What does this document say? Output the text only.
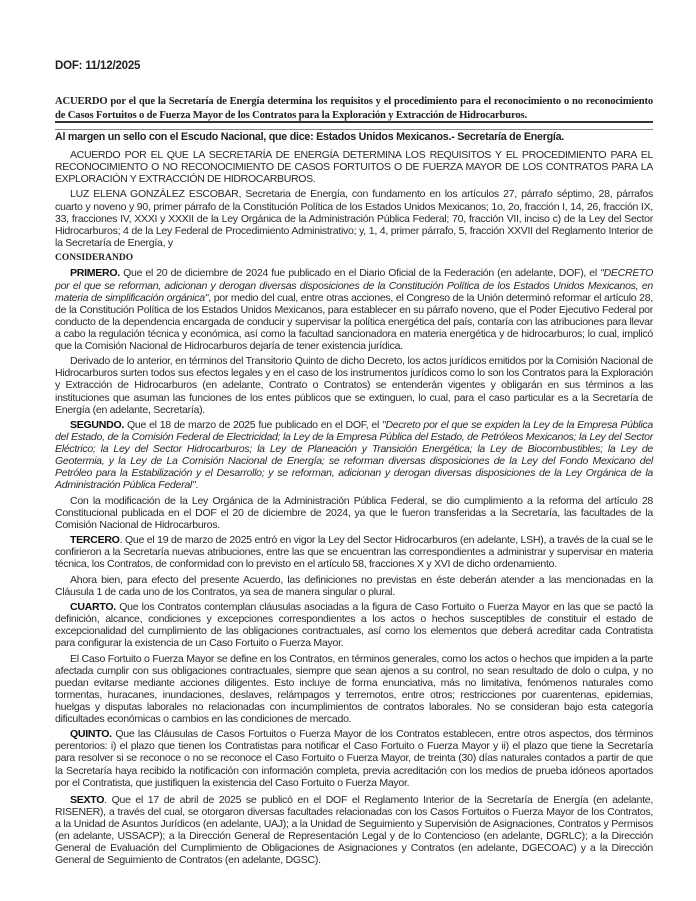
DOF: 11/12/2025
ACUERDO por el que la Secretaría de Energía determina los requisitos y el procedimiento para el reconocimiento o no reconocimiento
de Casos Fortuitos o de Fuerza Mayor de los Contratos para la Exploración y Extracción de Hidrocarburos.
Al margen un sello con el Escudo Nacional, que dice: Estados Unidos Mexicanos.- Secretaría de Energía.

ACUERDO POR EL QUE LA SECRETARÍA DE ENERGÍA DETERMINA LOS REQUISITOS Y EL PROCEDIMIENTO PARA EL RECONOCIMIENTO O NO RECONOCIMIENTO DE CASOS FORTUITOS O DE FUERZA MAYOR DE LOS CONTRATOS PARA LA EXPLORACIÓN Y EXTRACCIÓN DE HIDROCARBUROS.

LUZ ELENA GONZÁLEZ ESCOBAR, Secretaria de Energía, con fundamento en los artículos 27, párrafo séptimo, 28, párrafos cuarto y noveno y 90, primer párrafo de la Constitución Política de los Estados Unidos Mexicanos; 1o, 2o, fracción I, 14, 26, fracción IX, 33, fracciones IV, XXXI y XXXII de la Ley Orgánica de la Administración Pública Federal; 70, fracción VII, inciso c) de la Ley del Sector Hidrocarburos; 4 de la Ley Federal de Procedimiento Administrativo; y, 1, 4, primer párrafo, 5, fracción XXVII del Reglamento Interior de la Secretaría de Energía, y

CONSIDERANDO

PRIMERO. Que el 20 de diciembre de 2024 fue publicado en el Diario Oficial de la Federación (en adelante, DOF), el "DECRETO por el que se reforman, adicionan y derogan diversas disposiciones de la Constitución Política de los Estados Unidos Mexicanos, en materia de simplificación orgánica", por medio del cual, entre otras acciones, el Congreso de la Unión determinó reformar el artículo 28, de la Constitución Política de los Estados Unidos Mexicanos, para establecer en su párrafo noveno, que el Poder Ejecutivo Federal por conducto de la dependencia encargada de conducir y supervisar la política energética del país, contaría con las atribuciones para llevar a cabo la regulación técnica y económica, así como la facultad sancionadora en materia energética y de hidrocarburos; lo cual, implicó que la Comisión Nacional de Hidrocarburos dejaría de tener existencia jurídica.

Derivado de lo anterior, en términos del Transitorio Quinto de dicho Decreto, los actos jurídicos emitidos por la Comisión Nacional de Hidrocarburos surten todos sus efectos legales y en el caso de los instrumentos jurídicos como lo son los Contratos para la Exploración y Extracción de Hidrocarburos (en adelante, Contrato o Contratos) se entenderán vigentes y obligarán en sus términos a las instituciones que asuman las funciones de los entes públicos que se extinguen, lo cual, para el caso particular es a la Secretaría de Energía (en adelante, Secretaría).

SEGUNDO. Que el 18 de marzo de 2025 fue publicado en el DOF, el "Decreto por el que se expiden la Ley de la Empresa Pública del Estado, de la Comisión Federal de Electricidad; la Ley de la Empresa Pública del Estado, de Petróleos Mexicanos; la Ley del Sector Eléctrico; la Ley del Sector Hidrocarburos; la Ley de Planeación y Transición Energética; la Ley de Biocombustibles; la Ley de Geotermia, y la Ley de La Comisión Nacional de Energía; se reforman diversas disposiciones de la Ley del Fondo Mexicano del Petróleo para la Estabilización y el Desarrollo; y se reforman, adicionan y derogan diversas disposiciones de la Ley Orgánica de la Administración Pública Federal".

Con la modificación de la Ley Orgánica de la Administración Pública Federal, se dio cumplimiento a la reforma del artículo 28 Constitucional publicada en el DOF el 20 de diciembre de 2024, ya que le fueron transferidas a la Secretaría, las facultades de la Comisión Nacional de Hidrocarburos.

TERCERO. Que el 19 de marzo de 2025 entró en vigor la Ley del Sector Hidrocarburos (en adelante, LSH), a través de la cual se le confirieron a la Secretaría nuevas atribuciones, entre las que se encuentran las correspondientes a administrar y supervisar en materia técnica, los Contratos, de conformidad con lo previsto en el artículo 58, fracciones X y XVI de dicho ordenamiento.

Ahora bien, para efecto del presente Acuerdo, las definiciones no previstas en éste deberán atender a las mencionadas en la Cláusula 1 de cada uno de los Contratos, ya sea de manera singular o plural.

CUARTO. Que los Contratos contemplan cláusulas asociadas a la figura de Caso Fortuito o Fuerza Mayor en las que se pactó la definición, alcance, condiciones y excepciones correspondientes a los actos o hechos susceptibles de constituir el estado de excepcionalidad del cumplimiento de las obligaciones contractuales, así como los elementos que deberá acreditar cada Contratista para configurar la existencia de un Caso Fortuito o Fuerza Mayor.

El Caso Fortuito o Fuerza Mayor se define en los Contratos, en términos generales, como los actos o hechos que impiden a la parte afectada cumplir con sus obligaciones contractuales, siempre que sean ajenos a su control, no sean resultado de dolo o culpa, y no puedan evitarse mediante acciones diligentes. Esto incluye de forma enunciativa, más no limitativa, fenómenos naturales como tormentas, huracanes, inundaciones, deslaves, relámpagos y terremotos, entre otros; restricciones por cuarentenas, epidemias, huelgas y disputas laborales no relacionadas con incumplimientos de contratos laborales. No se consideran bajo esta categoría dificultades económicas o cambios en las condiciones de mercado.

QUINTO. Que las Cláusulas de Casos Fortuitos o Fuerza Mayor de los Contratos establecen, entre otros aspectos, dos términos perentorios: i) el plazo que tienen los Contratistas para notificar el Caso Fortuito o Fuerza Mayor y ii) el plazo que tiene la Secretaría para resolver si se reconoce o no se reconoce el Caso Fortuito o Fuerza Mayor, de treinta (30) días naturales contados a partir de que la Secretaría haya recibido la notificación con información completa, previa acreditación con los medios de prueba idóneos aportados por el Contratista, que justifiquen la existencia del Caso Fortuito o Fuerza Mayor.

SEXTO. Que el 17 de abril de 2025 se publicó en el DOF el Reglamento Interior de la Secretaría de Energía (en adelante, RISENER), a través del cual, se otorgaron diversas facultades relacionadas con los Casos Fortuitos o Fuerza Mayor de los Contratos, a la Unidad de Asuntos Jurídicos (en adelante, UAJ); a la Unidad de Seguimiento y Supervisión de Asignaciones, Contratos y Permisos (en adelante, USSACP); a la Dirección General de Representación Legal y de lo Contencioso (en adelante, DGRLC); a la Dirección General de Evaluación del Cumplimiento de Obligaciones de Asignaciones y Contratos (en adelante, DGECOAC) y a la Dirección General de Seguimiento de Contratos (en adelante, DGSC).
